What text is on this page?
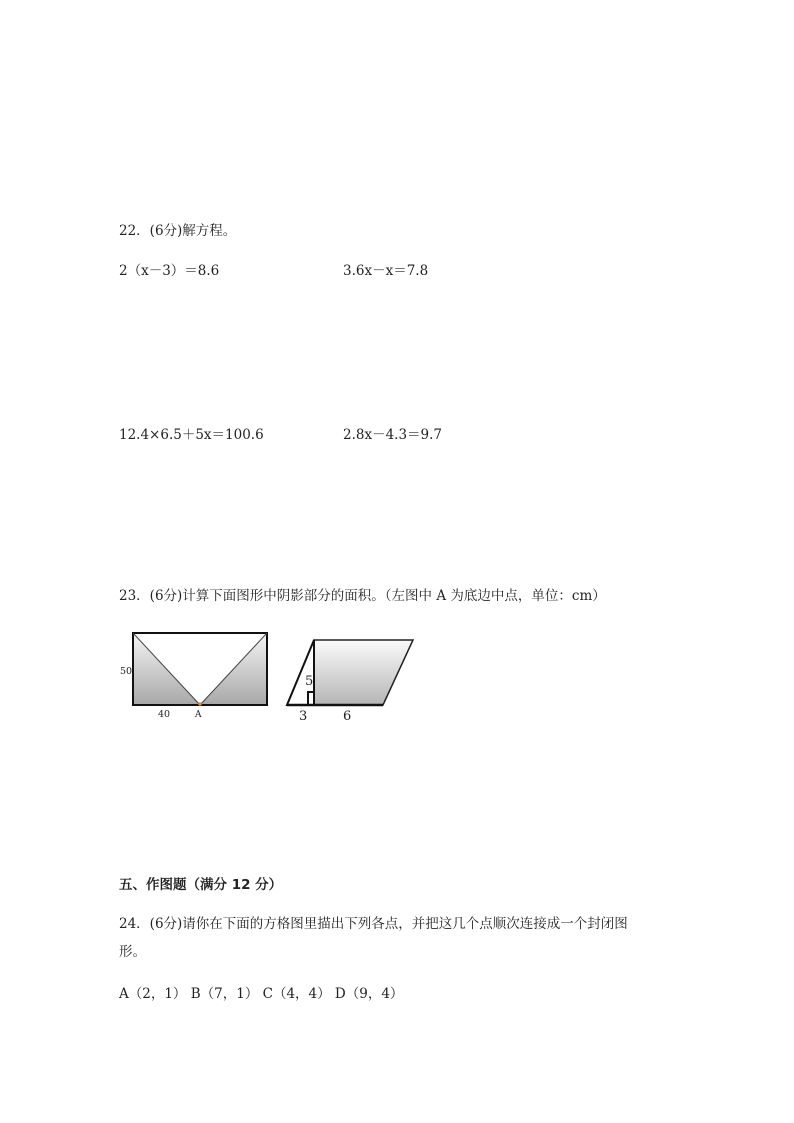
22．(6分)解方程。
2（x－3）＝8.6	3.6x－x＝7.8
12.4×6.5＋5x＝100.6	2.8x－4.3＝9.7
23．(6分)计算下面图形中阴影部分的面积。（左图中 A 为底边中点，单位：cm）
50
40	A
5
3	6
五、作图题（满分 12 分）
24．(6分)请你在下面的方格图里描出下列各点，并把这几个点顺次连接成一个封闭图
形。
A（2，1） B（7，1） C（4，4） D（9，4）
